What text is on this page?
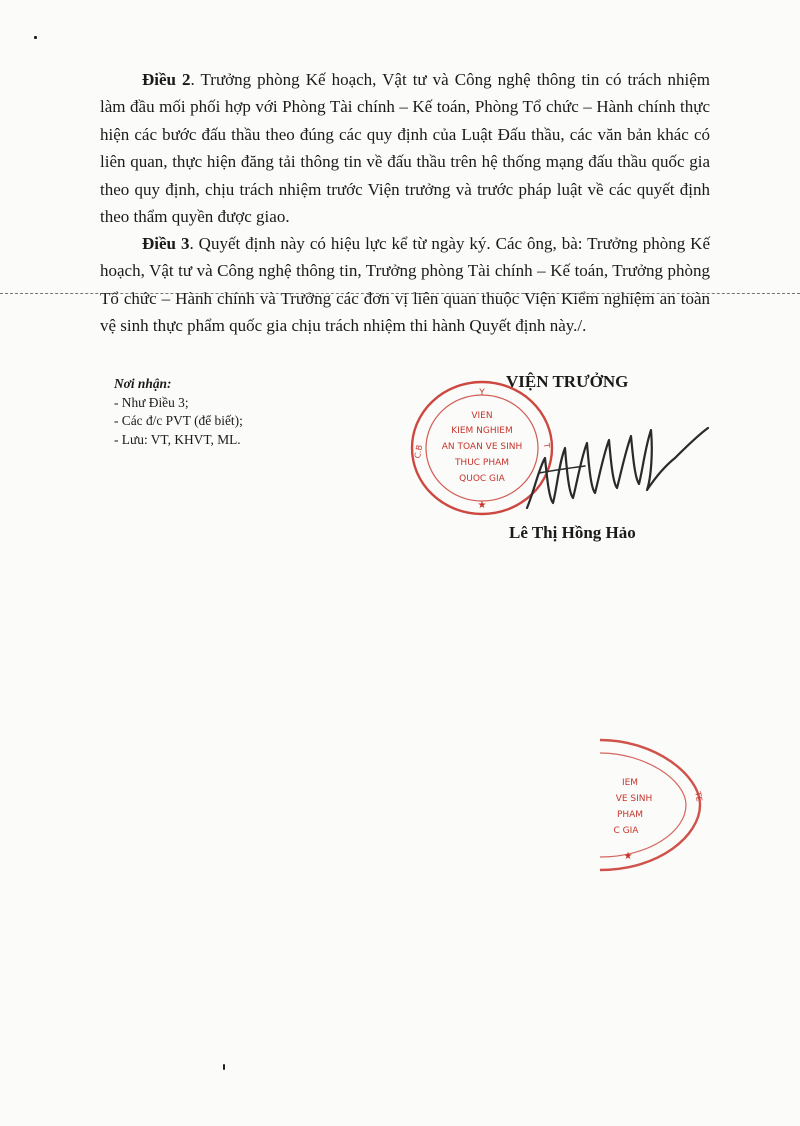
Điều 2. Trưởng phòng Kế hoạch, Vật tư và Công nghệ thông tin có trách nhiệm làm đầu mối phối hợp với Phòng Tài chính – Kế toán, Phòng Tổ chức – Hành chính thực hiện các bước đấu thầu theo đúng các quy định của Luật Đấu thầu, các văn bản khác có liên quan, thực hiện đăng tải thông tin về đấu thầu trên hệ thống mạng đấu thầu quốc gia theo quy định, chịu trách nhiệm trước Viện trưởng và trước pháp luật về các quyết định theo thẩm quyền được giao.

Điều 3. Quyết định này có hiệu lực kể từ ngày ký. Các ông, bà: Trưởng phòng Kế hoạch, Vật tư và Công nghệ thông tin, Trưởng phòng Tài chính – Kế toán, Trưởng phòng Tổ chức – Hành chính và Trưởng các đơn vị liên quan thuộc Viện Kiểm nghiệm an toàn vệ sinh thực phẩm quốc gia chịu trách nhiệm thi hành Quyết định này./.

Nơi nhận:
- Như Điều 3;
- Các đ/c PVT (để biết);
- Lưu: VT, KHVT, ML.
Y
C.B	T
VIEN
KIEM NGHIEM
AN TOAN VE SINH
THUC PHAM
QUOC GIA
★
VIỆN TRƯỞNG
Lê Thị Hồng Hảo
TE
IEM
VE SINH
PHAM
C GIA
★
